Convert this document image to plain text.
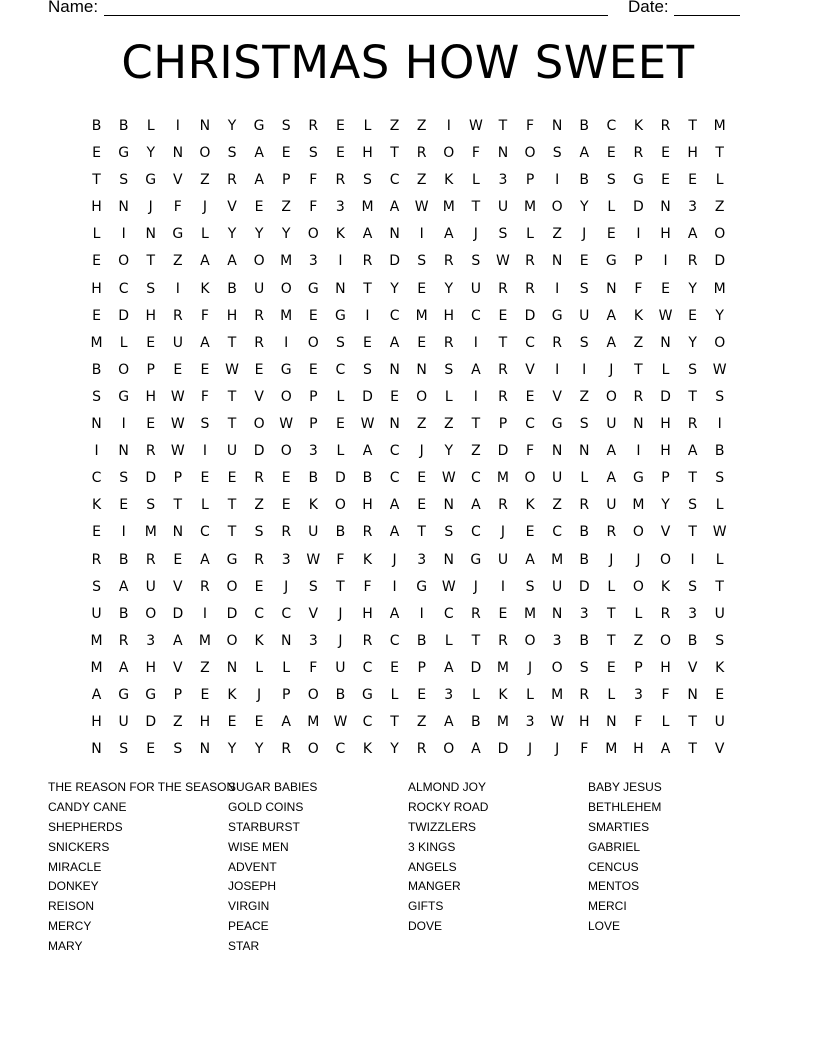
Name:	Date:
CHRISTMAS HOW SWEET
B	B	L	I	N	Y	G	S	R	E	L	Z	Z	I	W	T	F	N	B	C	K	R	T	M
E	G	Y	N	O	S	A	E	S	E	H	T	R	O	F	N	O	S	A	E	R	E	H	T
T	S	G	V	Z	R	A	P	F	R	S	C	Z	K	L	3	P	I	B	S	G	E	E	L
H	N	J	F	J	V	E	Z	F	3	M	A	W	M	T	U	M	O	Y	L	D	N	3	Z
L	I	N	G	L	Y	Y	Y	O	K	A	N	I	A	J	S	L	Z	J	E	I	H	A	O
E	O	T	Z	A	A	O	M	3	I	R	D	S	R	S	W	R	N	E	G	P	I	R	D
H	C	S	I	K	B	U	O	G	N	T	Y	E	Y	U	R	R	I	S	N	F	E	Y	M
E	D	H	R	F	H	R	M	E	G	I	C	M	H	C	E	D	G	U	A	K	W	E	Y
M	L	E	U	A	T	R	I	O	S	E	A	E	R	I	T	C	R	S	A	Z	N	Y	O
B	O	P	E	E	W	E	G	E	C	S	N	N	S	A	R	V	I	I	J	T	L	S	W
S	G	H	W	F	T	V	O	P	L	D	E	O	L	I	R	E	V	Z	O	R	D	T	S
N	I	E	W	S	T	O	W	P	E	W	N	Z	Z	T	P	C	G	S	U	N	H	R	I
I	N	R	W	I	U	D	O	3	L	A	C	J	Y	Z	D	F	N	N	A	I	H	A	B
C	S	D	P	E	E	R	E	B	D	B	C	E	W	C	M	O	U	L	A	G	P	T	S
K	E	S	T	L	T	Z	E	K	O	H	A	E	N	A	R	K	Z	R	U	M	Y	S	L
E	I	M	N	C	T	S	R	U	B	R	A	T	S	C	J	E	C	B	R	O	V	T	W
R	B	R	E	A	G	R	3	W	F	K	J	3	N	G	U	A	M	B	J	J	O	I	L
S	A	U	V	R	O	E	J	S	T	F	I	G	W	J	I	S	U	D	L	O	K	S	T
U	B	O	D	I	D	C	C	V	J	H	A	I	C	R	E	M	N	3	T	L	R	3	U
M	R	3	A	M	O	K	N	3	J	R	C	B	L	T	R	O	3	B	T	Z	O	B	S
M	A	H	V	Z	N	L	L	F	U	C	E	P	A	D	M	J	O	S	E	P	H	V	K
A	G	G	P	E	K	J	P	O	B	G	L	E	3	L	K	L	M	R	L	3	F	N	E
H	U	D	Z	H	E	E	A	M	W	C	T	Z	A	B	M	3	W	H	N	F	L	T	U
N	S	E	S	N	Y	Y	R	O	C	K	Y	R	O	A	D	J	J	F	M	H	A	T	V
THE REASON FOR THE SEASON
CANDY CANE
SHEPHERDS
SNICKERS
MIRACLE
DONKEY
REISON
MERCY
MARY
SUGAR BABIES
GOLD COINS
STARBURST
WISE MEN
ADVENT
JOSEPH
VIRGIN
PEACE
STAR
ALMOND JOY
ROCKY ROAD
TWIZZLERS
3 KINGS
ANGELS
MANGER
GIFTS
DOVE
BABY JESUS
BETHLEHEM
SMARTIES
GABRIEL
CENCUS
MENTOS
MERCI
LOVE
